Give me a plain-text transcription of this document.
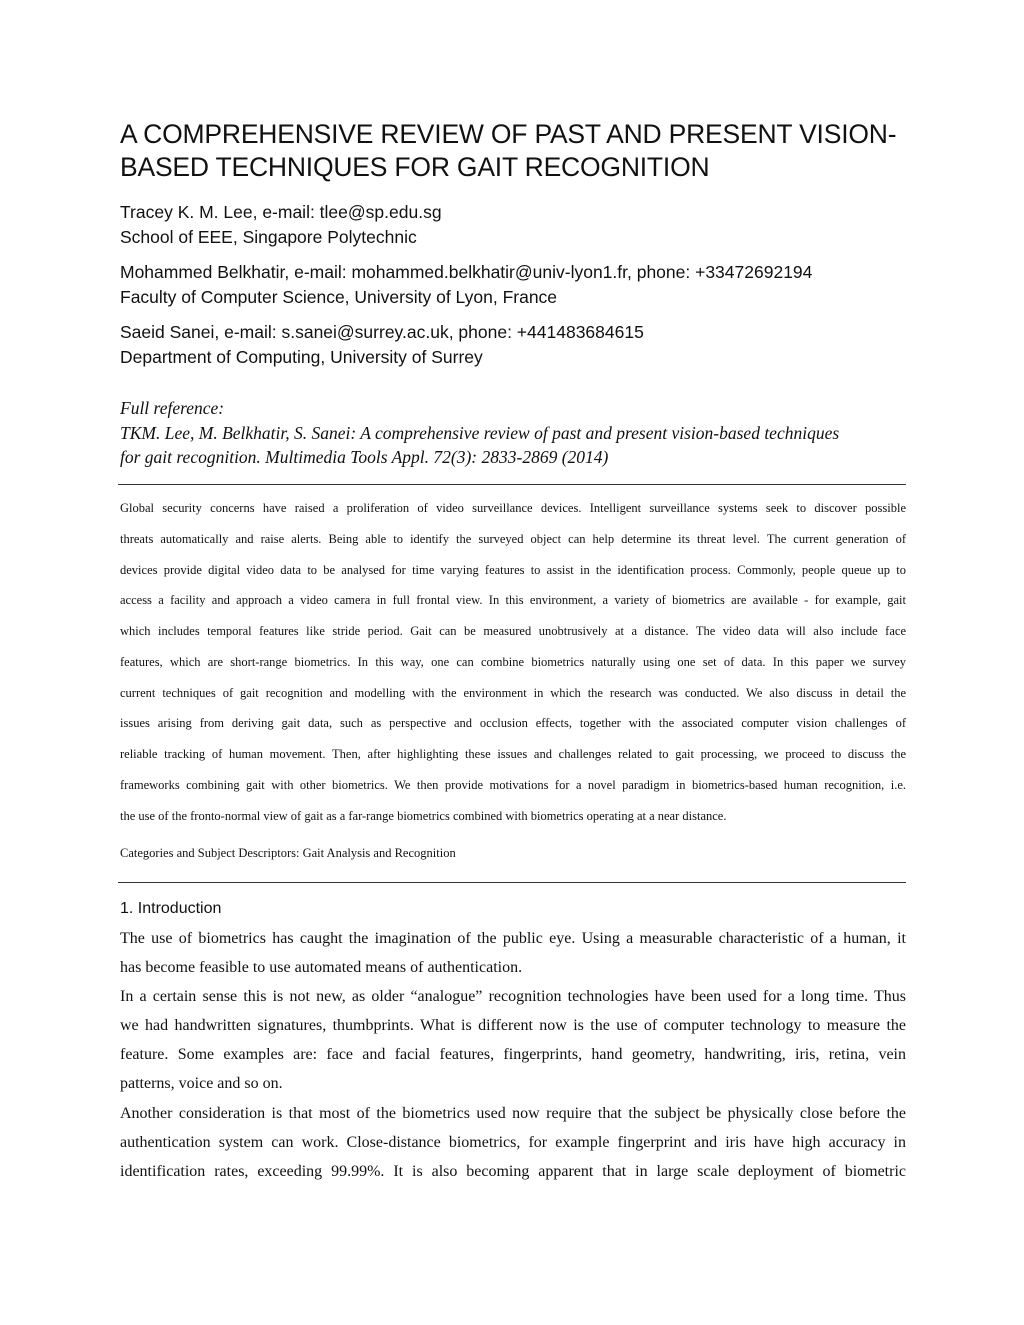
A COMPREHENSIVE REVIEW OF PAST AND PRESENT VISION-
BASED TECHNIQUES FOR GAIT RECOGNITION
Tracey K. M. Lee, e-mail: tlee@sp.edu.sg
School of EEE, Singapore Polytechnic
Mohammed Belkhatir, e-mail: mohammed.belkhatir@univ-lyon1.fr, phone: +33472692194
Faculty of Computer Science, University of Lyon, France
Saeid Sanei, e-mail: s.sanei@surrey.ac.uk, phone: +441483684615
Department of Computing, University of Surrey
Full reference:
TKM. Lee, M. Belkhatir, S. Sanei: A comprehensive review of past and present vision-based techniques
for gait recognition. Multimedia Tools Appl. 72(3): 2833-2869 (2014)
Global security concerns have raised a proliferation of video surveillance devices. Intelligent surveillance systems seek to discover possible
threats automatically and raise alerts. Being able to identify the surveyed object can help determine its threat level. The current generation of
devices provide digital video data to be analysed for time varying features to assist in the identification process. Commonly, people queue up to
access a facility and approach a video camera in full frontal view. In this environment, a variety of biometrics are available - for example, gait
which includes temporal features like stride period. Gait can be measured unobtrusively at a distance. The video data will also include face
features, which are short-range biometrics. In this way, one can combine biometrics naturally using one set of data. In this paper we survey
current techniques of gait recognition and modelling with the environment in which the research was conducted. We also discuss in detail the
issues arising from deriving gait data, such as perspective and occlusion effects, together with the associated computer vision challenges of
reliable tracking of human movement. Then, after highlighting these issues and challenges related to gait processing, we proceed to discuss the
frameworks combining gait with other biometrics. We then provide motivations for a novel paradigm in biometrics-based human recognition, i.e.
the use of the fronto-normal view of gait as a far-range biometrics combined with biometrics operating at a near distance.
Categories and Subject Descriptors: Gait Analysis and Recognition
1. Introduction
The use of biometrics has caught the imagination of the public eye. Using a measurable characteristic of a human, it
has become feasible to use automated means of authentication.
In a certain sense this is not new, as older “analogue” recognition technologies have been used for a long time. Thus
we had handwritten signatures, thumbprints. What is different now is the use of computer technology to measure the
feature. Some examples are: face and facial features, fingerprints, hand geometry, handwriting, iris, retina, vein
patterns, voice and so on.
Another consideration is that most of the biometrics used now require that the subject be physically close before the
authentication system can work. Close-distance biometrics, for example fingerprint and iris have high accuracy in
identification rates, exceeding 99.99%. It is also becoming apparent that in large scale deployment of biometric
